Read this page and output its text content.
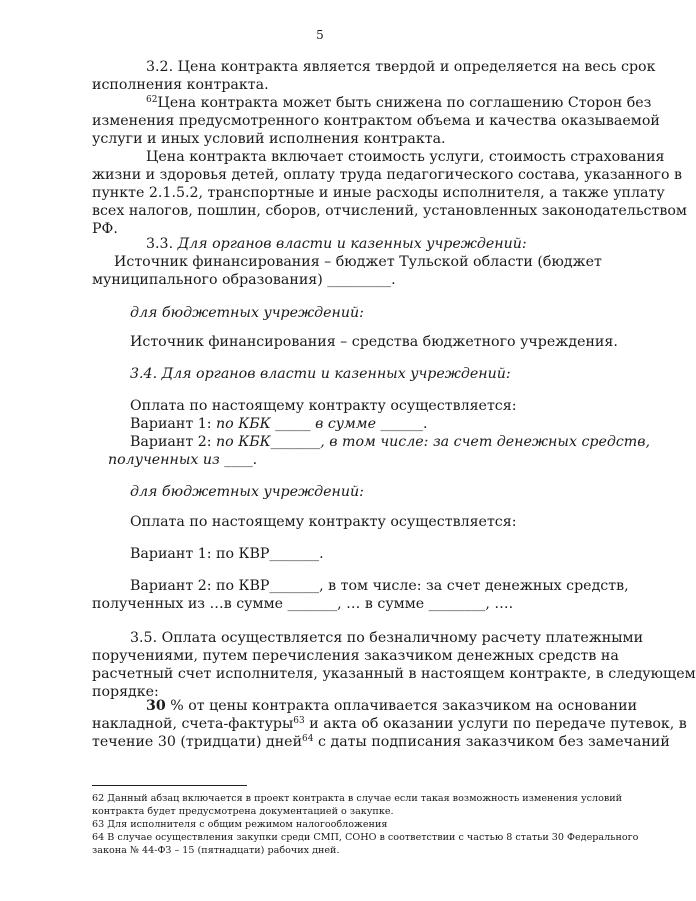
5
3.2. Цена контракта является твердой и определяется на весь срок
исполнения контракта.
$^{62}$Цена контракта может быть снижена по соглашению Сторон без
изменения предусмотренного контрактом объема и качества оказываемой
услуги и иных условий исполнения контракта.
Цена контракта включает стоимость услуги, стоимость страхования
жизни и здоровья детей, оплату труда педагогического состава, указанного в
пункте 2.1.5.2, транспортные и иные расходы исполнителя, а также уплату
всех налогов, пошлин, сборов, отчислений, установленных законодательством
РФ.
3.3. Для органов власти и казенных учреждений:
Источник финансирования – бюджет Тульской области (бюджет
муниципального образования) _________.
для бюджетных учреждений:
Источник финансирования – средства бюджетного учреждения.
3.4. Для органов власти и казенных учреждений:
Оплата по настоящему контракту осуществляется:
Вариант 1: по КБК _____ в сумме ______.
Вариант 2: по КБК_______, в том числе: за счет денежных средств,
полученных из ____.
для бюджетных учреждений:
Оплата по настоящему контракту осуществляется:
Вариант 1: по КВР_______.
Вариант 2: по КВР_______, в том числе: за счет денежных средств,
полученных из …в сумме _______, … в сумме ________, ….
3.5. Оплата осуществляется по безналичному расчету платежными
поручениями, путем перечисления заказчиком денежных средств на
расчетный счет исполнителя, указанный в настоящем контракте, в следующем
порядке:
30 % от цены контракта оплачивается заказчиком на основании
накладной, счета-фактуры$^{63}$ и акта об оказании услуги по передаче путевок, в
течение 30 (тридцати) дней$^{64}$ с даты подписания заказчиком без замечаний
62 Данный абзац включается в проект контракта в случае если такая возможность изменения условий
контракта будет предусмотрена документацией о закупке.
63 Для исполнителя с общим режимом налогообложения
64 В случае осуществления закупки среди СМП, СОНО в соответствии с частью 8 статьи 30 Федерального
закона № 44-ФЗ – 15 (пятнадцати) рабочих дней.
